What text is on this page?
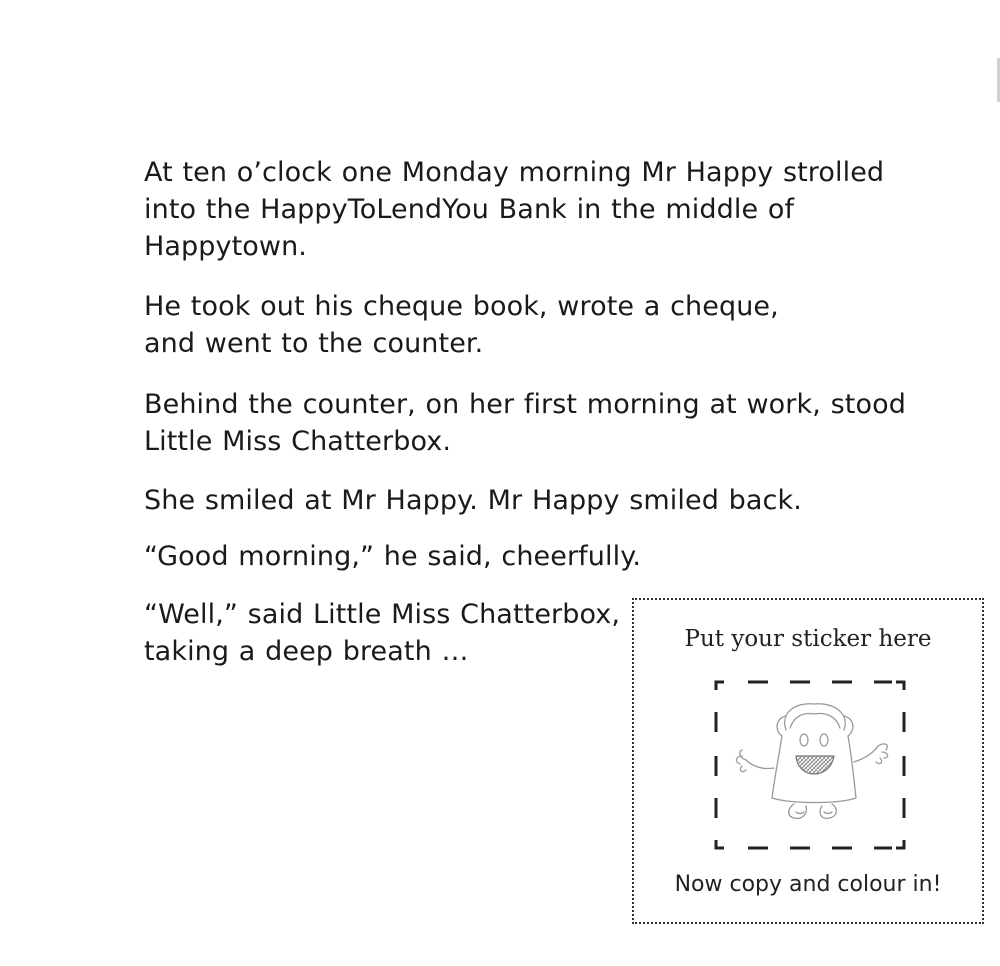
At ten o’clock one Monday morning Mr Happy strolled
into the HappyToLendYou Bank in the middle of
Happytown.

He took out his cheque book, wrote a cheque,
and went to the counter.

Behind the counter, on her first morning at work, stood
Little Miss Chatterbox.

She smiled at Mr Happy. Mr Happy smiled back.

“Good morning,” he said, cheerfully.

“Well,” said Little Miss Chatterbox,
taking a deep breath …	Put your sticker here
Now copy and colour in!
